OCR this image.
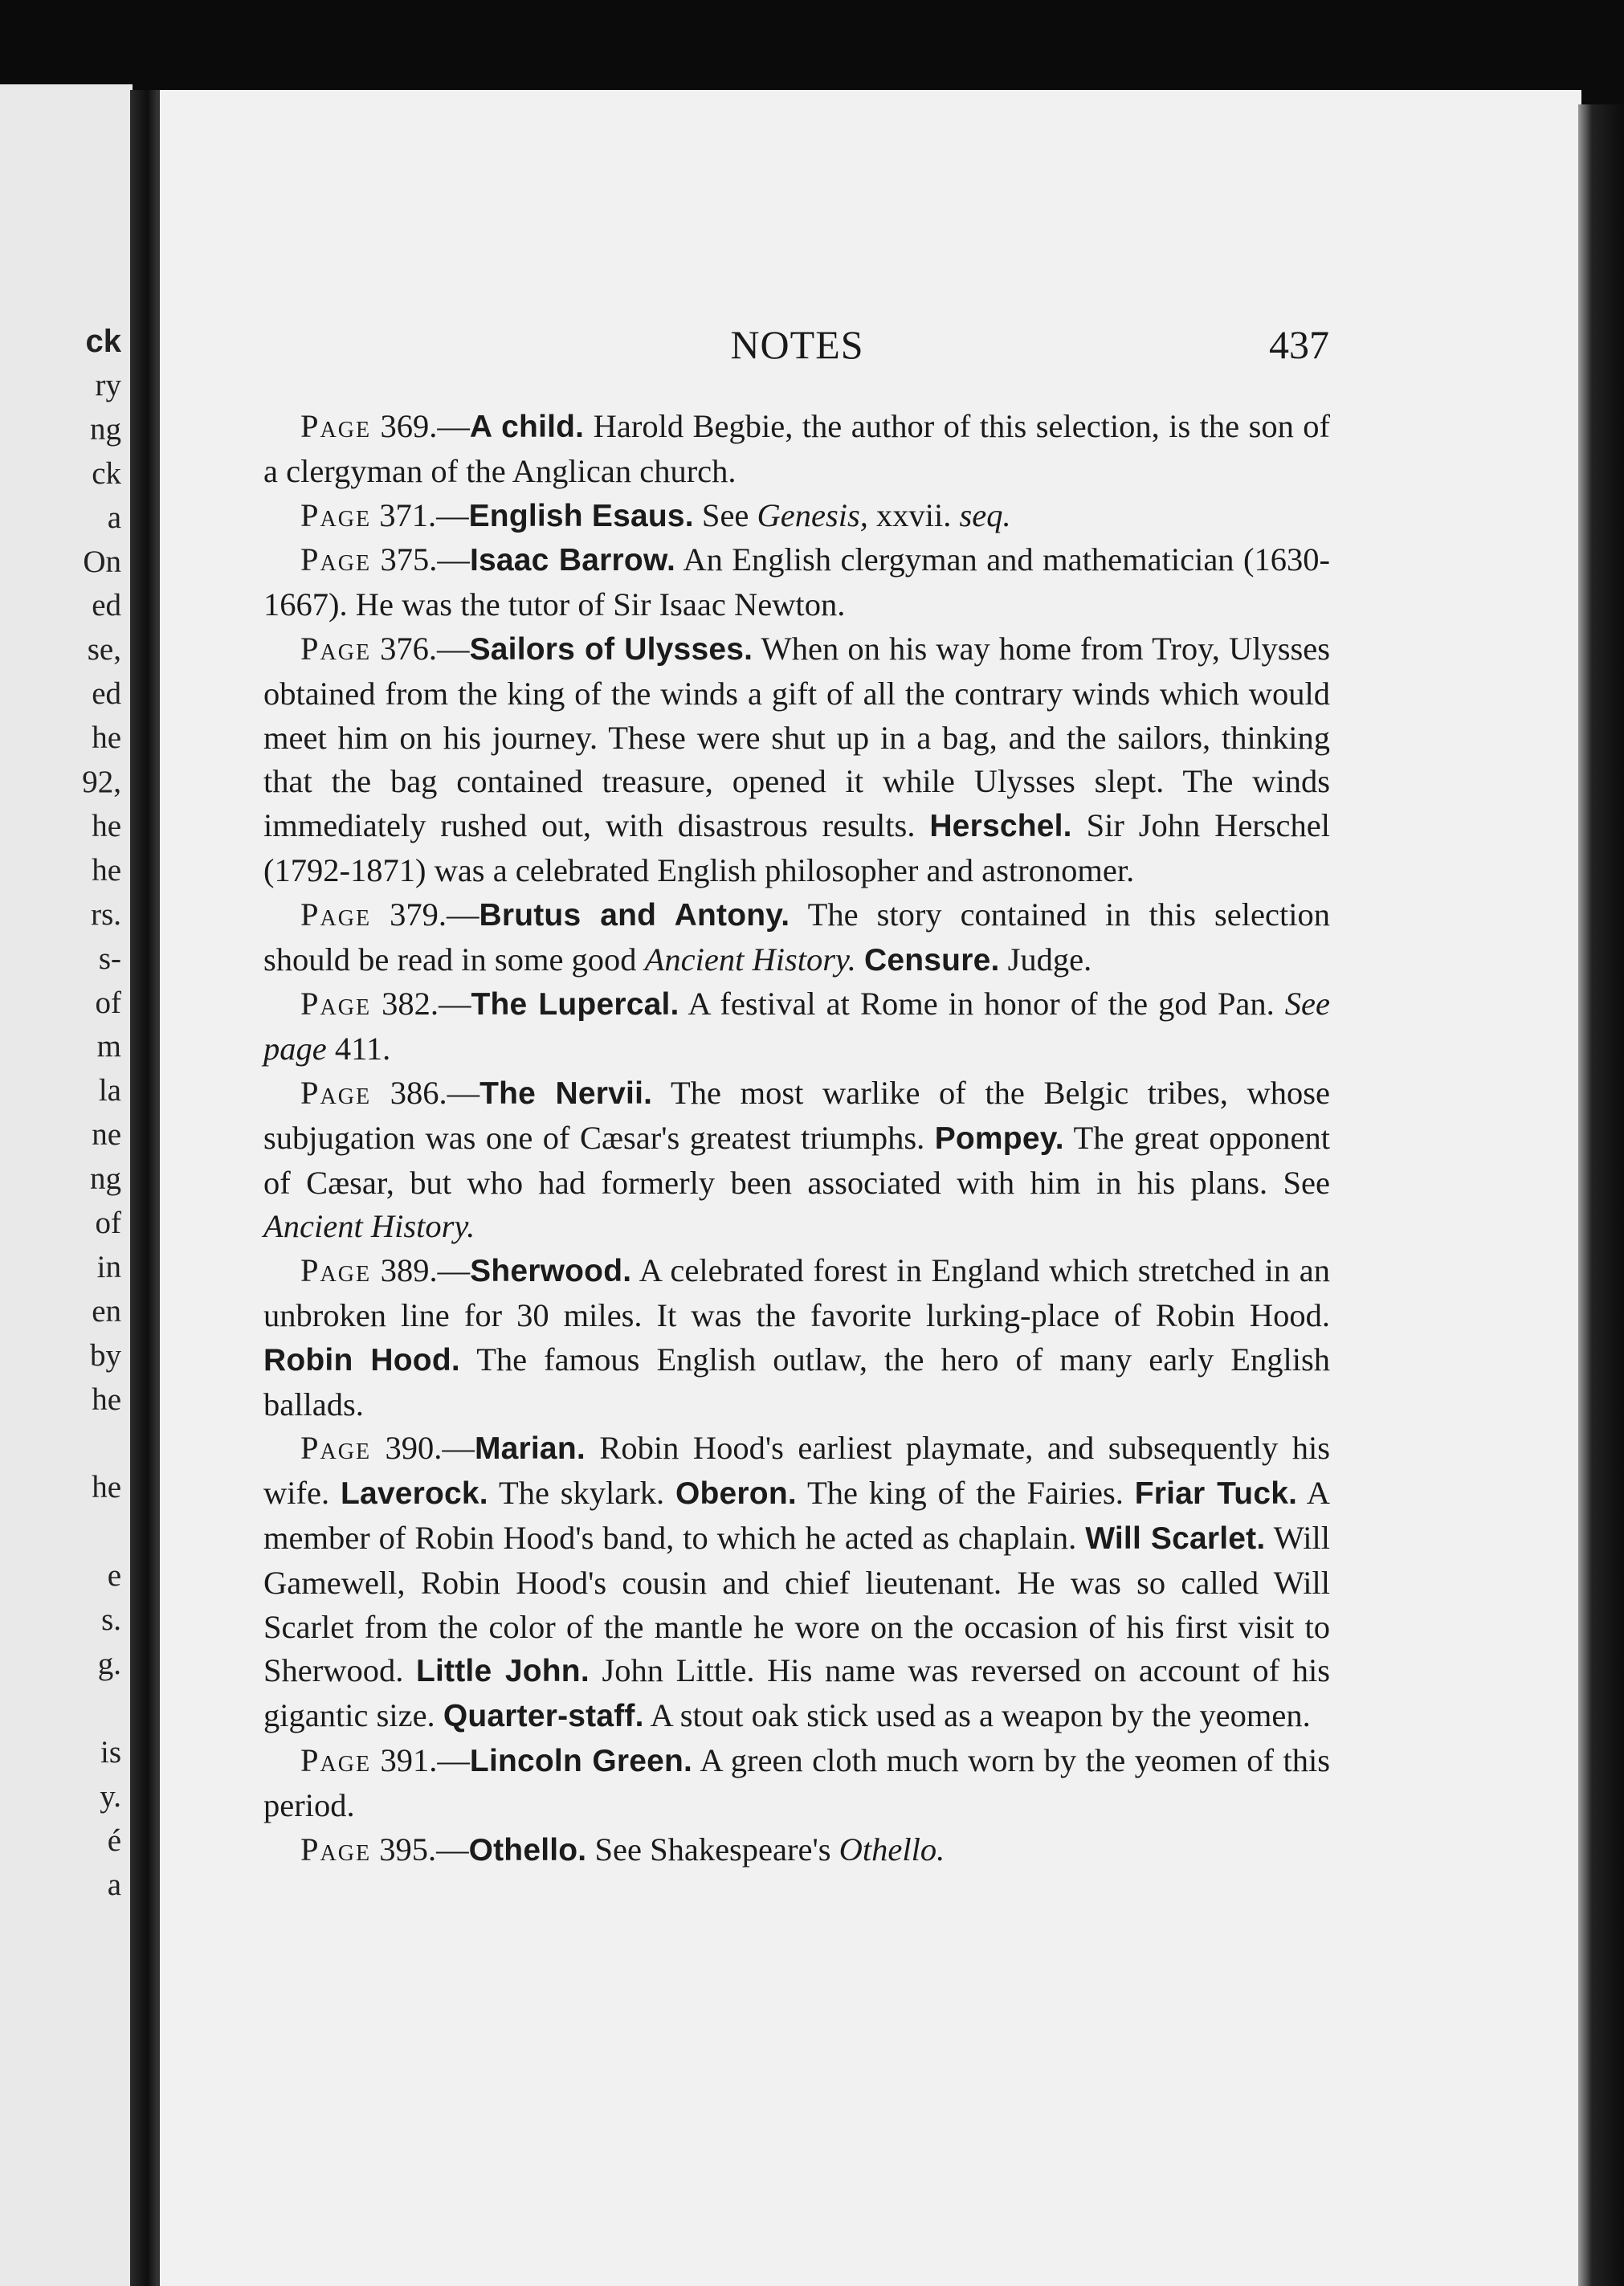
ck

ry

ng

ck

a

On

ed

se,

ed

he

92,

he

he

rs.

s-

of

m

la

ne

ng

of

in

en

by

he

he

e

s.

g.

is

y.

é

a

NOTES	437

Page 369.—A child. Harold Begbie, the author of this selection, is the son of a clergyman of the Anglican church.

Page 371.—English Esaus. See Genesis, xxvii. seq.

Page 375.—Isaac Barrow. An English clergyman and mathematician (1630-1667). He was the tutor of Sir Isaac Newton.

Page 376.—Sailors of Ulysses. When on his way home from Troy, Ulysses obtained from the king of the winds a gift of all the contrary winds which would meet him on his journey. These were shut up in a bag, and the sailors, thinking that the bag contained treasure, opened it while Ulysses slept. The winds immediately rushed out, with disastrous results. Herschel. Sir John Herschel (1792-1871) was a celebrated English philosopher and astronomer.

Page 379.—Brutus and Antony. The story contained in this selection should be read in some good Ancient History. Censure. Judge.

Page 382.—The Lupercal. A festival at Rome in honor of the god Pan. See page 411.

Page 386.—The Nervii. The most warlike of the Belgic tribes, whose subjugation was one of Cæsar's greatest triumphs. Pompey. The great opponent of Cæsar, but who had formerly been associated with him in his plans. See Ancient History.

Page 389.—Sherwood. A celebrated forest in England which stretched in an unbroken line for 30 miles. It was the favorite lurking-place of Robin Hood. Robin Hood. The famous English outlaw, the hero of many early English ballads.

Page 390.—Marian. Robin Hood's earliest playmate, and subsequently his wife. Laverock. The skylark. Oberon. The king of the Fairies. Friar Tuck. A member of Robin Hood's band, to which he acted as chaplain. Will Scarlet. Will Gamewell, Robin Hood's cousin and chief lieutenant. He was so called Will Scarlet from the color of the mantle he wore on the occasion of his first visit to Sherwood. Little John. John Little. His name was reversed on account of his gigantic size. Quarter-staff. A stout oak stick used as a weapon by the yeomen.

Page 391.—Lincoln Green. A green cloth much worn by the yeomen of this period.

Page 395.—Othello. See Shakespeare's Othello.
